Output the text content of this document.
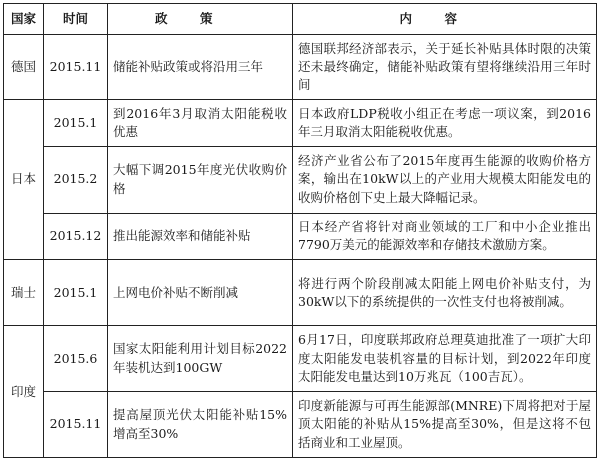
国家	时间	政策	内容
德国	2015.11	储能补贴政策或将沿用三年	德国联邦经济部表示，关于延长补贴具体时限的决策还未最终确定，储能补贴政策有望将继续沿用三年时间
日本	2015.1	到2016年3月取消太阳能税收优惠	日本政府LDP税收小组正在考虑一项议案，到2016年三月取消太阳能税收优惠。
	2015.2	大幅下调2015年度光伏收购价格	经济产业省公布了2015年度再生能源的收购价格方案，输出在10kW以上的产业用大规模太阳能发电的收购价格创下史上最大降幅记录。
	2015.12	推出能源效率和储能补贴	日本经产省将针对商业领域的工厂和中小企业推出7790万美元的能源效率和存储技术激励方案。
瑞士	2015.1	上网电价补贴不断削减	将进行两个阶段削减太阳能上网电价补贴支付，为30kW以下的系统提供的一次性支付也将被削减。
印度	2015.6	国家太阳能利用计划目标2022年装机达到100GW	6月17日，印度联邦政府总理莫迪批准了一项扩大印度太阳能发电装机容量的目标计划，到2022年印度太阳能发电量达到10万兆瓦（100吉瓦）。
	2015.11	提高屋顶光伏太阳能补贴15%增高至30%	印度新能源与可再生能源部(MNRE)下周将把对于屋顶太阳能的补贴从15%提高至30%，但是这将不包括商业和工业屋顶。
